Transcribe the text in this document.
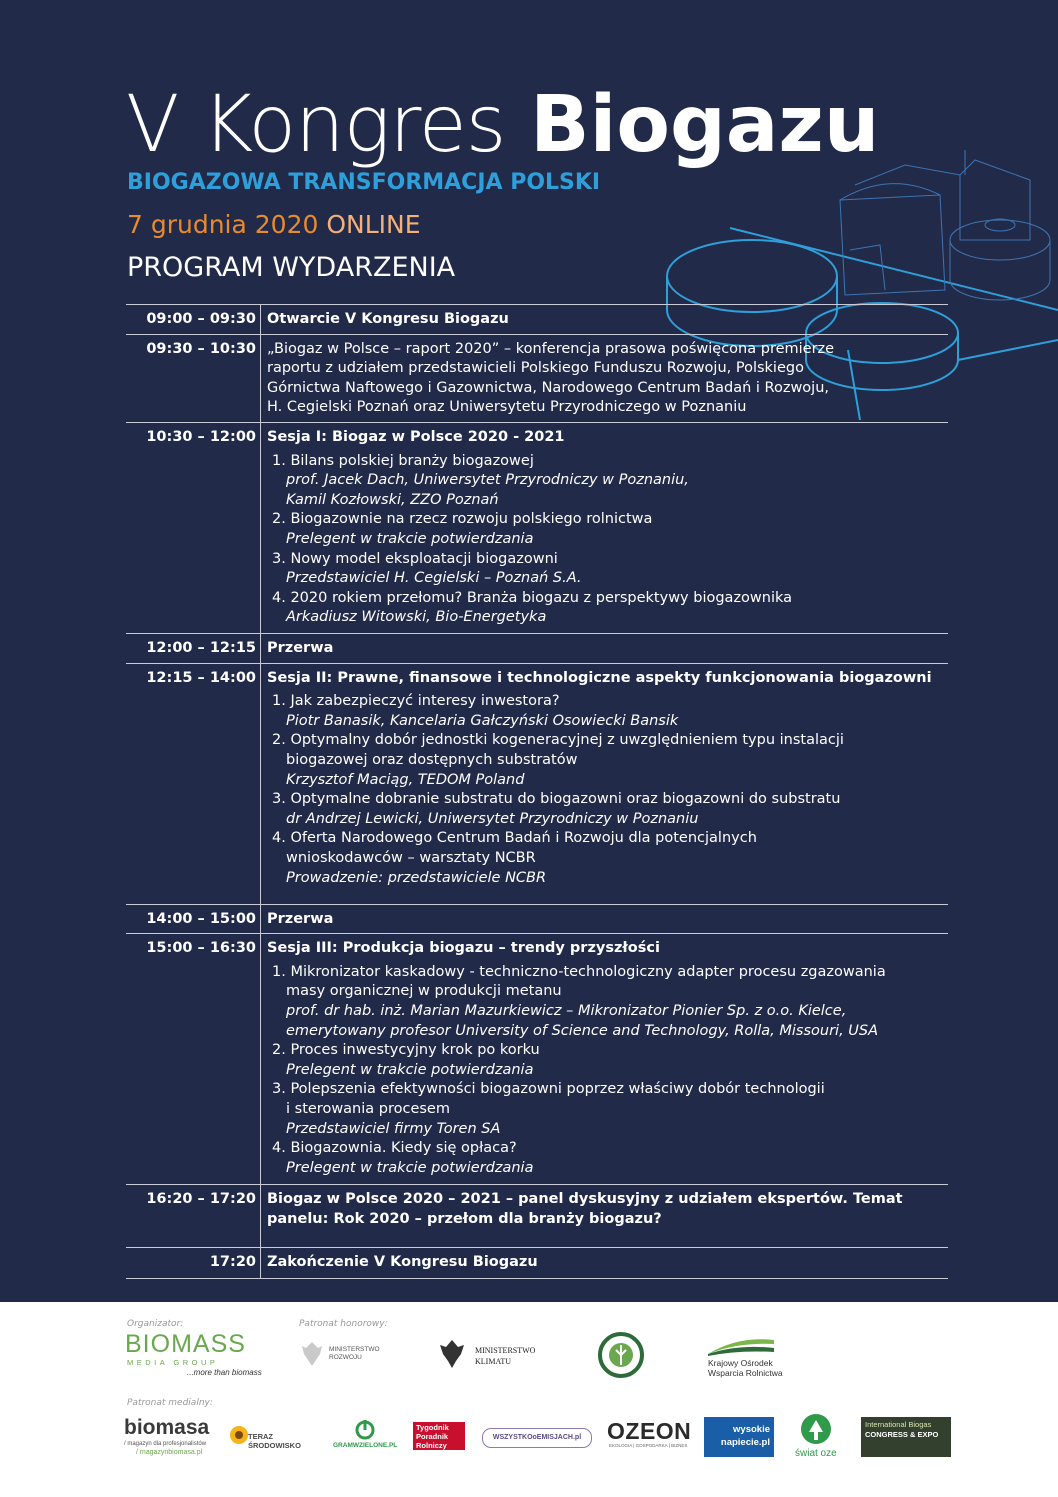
V Kongres Biogazu
BIOGAZOWA TRANSFORMACJA POLSKI
7 grudnia 2020 ONLINE
PROGRAM WYDARZENIA
09:00 – 09:30 Otwarcie V Kongresu Biogazu
09:30 – 10:30 „Biogaz w Polsce – raport 2020” – konferencja prasowa poświęcona premierze
raportu z udziałem przedstawicieli Polskiego Funduszu Rozwoju, Polskiego
Górnictwa Naftowego i Gazownictwa, Narodowego Centrum Badań i Rozwoju,
H. Cegielski Poznań oraz Uniwersytetu Przyrodniczego w Poznaniu
10:30 – 12:00 Sesja I: Biogaz w Polsce 2020 - 2021
1. Bilans polskiej branży biogazowej
prof. Jacek Dach, Uniwersytet Przyrodniczy w Poznaniu,
Kamil Kozłowski, ZZO Poznań
2. Biogazownie na rzecz rozwoju polskiego rolnictwa
Prelegent w trakcie potwierdzania
3. Nowy model eksploatacji biogazowni
Przedstawiciel H. Cegielski – Poznań S.A.
4. 2020 rokiem przełomu? Branża biogazu z perspektywy biogazownika
Arkadiusz Witowski, Bio-Energetyka
12:00 – 12:15 Przerwa
12:15 – 14:00 Sesja II: Prawne, finansowe i technologiczne aspekty funkcjonowania biogazowni
1. Jak zabezpieczyć interesy inwestora?
Piotr Banasik, Kancelaria Gałczyński Osowiecki Bansik
2. Optymalny dobór jednostki kogeneracyjnej z uwzględnieniem typu instalacji
biogazowej oraz dostępnych substratów
Krzysztof Maciąg, TEDOM Poland
3. Optymalne dobranie substratu do biogazowni oraz biogazowni do substratu
dr Andrzej Lewicki, Uniwersytet Przyrodniczy w Poznaniu
4. Oferta Narodowego Centrum Badań i Rozwoju dla potencjalnych
wnioskodawców – warsztaty NCBR
Prowadzenie: przedstawiciele NCBR
14:00 – 15:00 Przerwa
15:00 – 16:30 Sesja III: Produkcja biogazu – trendy przyszłości
1. Mikronizator kaskadowy - techniczno-technologiczny adapter procesu zgazowania
masy organicznej w produkcji metanu
prof. dr hab. inż. Marian Mazurkiewicz – Mikronizator Pionier Sp. z o.o. Kielce,
emerytowany profesor University of Science and Technology, Rolla, Missouri, USA
2. Proces inwestycyjny krok po korku
Prelegent w trakcie potwierdzania
3. Polepszenia efektywności biogazowni poprzez właściwy dobór technologii
i sterowania procesem
Przedstawiciel firmy Toren SA
4. Biogazownia. Kiedy się opłaca?
Prelegent w trakcie potwierdzania
16:20 – 17:20 Biogaz w Polsce 2020 – 2021 – panel dyskusyjny z udziałem ekspertów. Temat panelu: Rok 2020 – przełom dla branży biogazu?
17:20 Zakończenie V Kongresu Biogazu
Organizator:
BIOMASS
MEDIA GROUP
...more than biomass
Patronat honorowy:
MINISTERSTWO ROZWOJU
MINISTERSTWO
KLIMATU	Krajowy Ośrodek
Wsparcia Rolnictwa
Patronat medialny:
biomasa
/ magazyn dla profesjonalistów
/ magazynbiomasa.pl
TERAZ ŚRODOWISKO	GRAMWZIELONE.PL
Tygodnik
Poradnik
Rolniczy
WSZYSTKOoEMISJACH.pl	OZEON
EKOLOGIA | GOSPODARKA | BIZNES
wysokie
napiecie.pl
świat oze
International Biogas
CONGRESS & EXPO
